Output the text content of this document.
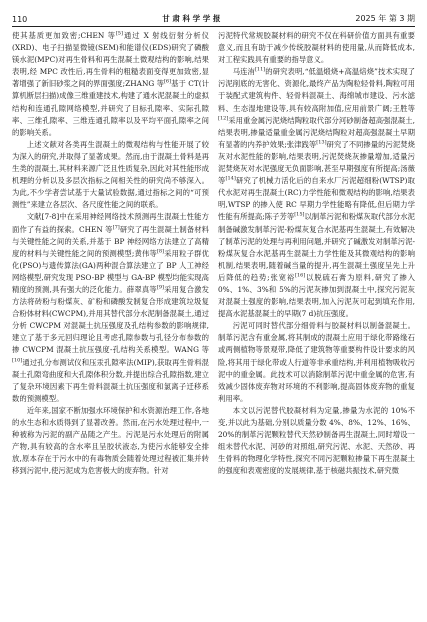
110	甘 肃 科 学 学 报	2025 年 第 3 期

使其基质更加致密;CHEN 等[5]通过 X 射线衍射分析仪(XRD)、电子扫描显微镜(SEM)和能谱仪(EDS)研究了磷酸镁水泥(MPC)对再生骨料和再生混凝土微观结构的影响,结果表明,经 MPC 改性后,再生骨料的粗糙表面变得更加致密,显著增强了新旧砂浆之间的界面强度;ZHANG 等[6]基于 CT(计算机断层扫描)成像三维重建技术,构建了通水泥混凝土的虚拟结构和连通孔隙网络模型,并研究了目标孔隙率、实际孔隙率、三维孔隙率、三维连通孔隙率以及平均平面孔隙率之间的影响关系。

上述文献对各类再生混凝土的微观结构与性能开展了较为深入的研究,并取得了显著成果。然而,由于混凝土骨料是再生类的混凝土,其材料来源广泛且性质复杂,因此对其性能形成机理的分析以及多层次指标之间相关性的研究尚不够深入。为此,不少学者尝试基于大量试验数据,通过指标之间的“可预测性”来建立各层次、各尺度性能之间的联系。

文献[7-8]中在采用神经网络技术预测再生混凝土性能方面作了有益的探索。CHEN 等[7]研究了再生混凝土制备材料与关键性能之间的关系,并基于 BP 神经网络方法建立了高精度的材料与关键性能之间的预测模型;黄伟等[8]采用粒子群优化(PSO)与遗传算法(GA)两种混合算法建立了 BP 人工神经网络模型,研究发现 PSO-BP 模型与 GA-BP 模型均能实现高精度的预测,具有强大的泛化能力。薛翠真等[9]采用复合激发方法将砖粉与粉煤灰、矿粉和磷酸发制复合形成建筑垃圾复合粉体材料(CWCPM),并用其替代部分水泥制备混凝土,通过分析 CWCPM 对混凝土抗压强度及孔结构参数的影响规律,建立了基于多元回归理论且考虑孔隙参数与孔径分布参数的掺 CWCPM 混凝土抗压强度-孔结构关系模型。WANG 等[10]通过孔分布测试仪和压汞孔隙率法(MIP),获取再生骨料混凝土孔隙弯曲度和大孔隙体积分数,并提出综合孔隙指数,建立了复杂环境因素下再生骨料混凝土抗压强度和氯离子迁移系数的预测模型。

近年来,国家不断加强水环境保护和水资源治理工作,各地的水生态和水质得到了显著改善。然而,在污水处理过程中,一种被称为污泥的副产品随之产生。污泥是污水处理后的附属产物,具有较高的含水率且呈胶状液态,为使污水能够安全排放,原本存在于污水中的有毒物质会随着处理过程被汇集并转移到污泥中,使污泥成为危害极大的废弃物。针对

污泥特代常规胶凝材料的研究不仅在科研价值方面具有重要意义,而且有助于减少传统胶凝材料的使用量,从而降低成本,对工程实践具有重要的指导意义。

马连洧[11]的研究表明,“低温煅烧+高温焙烧”技术实现了污泥削底的无害化、资源化,最终产品为陶粒轻骨料,陶粒可用于装配式建筑构件、轻骨料混凝土、海绵城市建设、污水滤料、生态湿地建设等,具有较高附加值,应用前景广阔;王胜等[12]采用重金属污泥烧结陶粒取代部分河砂制备超高强混凝土,结果表明,掺量适量重金属污泥烧结陶粒对超高强混凝土早期有显著的内养护效果;张津践等[13]研究了不同掺量的污泥焚烧灰对水泥性能的影响,结果表明,污泥焚烧灰掺量增加,适量污泥焚烧灰对水泥强度无负面影响,甚至早期强度有所提高;汤薇等[14]研究了机械力活化后的自来水厂污泥超细粉(WTSP)取代水泥对再生混凝土(RC)力学性能和微观结构的影响,结果表明,WTSP 的掺入使 RC 早期力学性能略有降低,但后期力学性能有所提高;陈子芳等[15]以制革污泥和粉煤灰取代部分水泥制备碱激发制革污泥-粉煤灰复合水泥基再生混凝土,有效解决了制革污泥的处理与再利用问题,并研究了碱激发对制革污泥-粉煤灰复合水泥基再生混凝土力学性能及其微观结构的影响机制,结果表明,随着碱当量的提升,再生混凝土强度呈先上升后降低的趋势;张宽裕[16]以脱硫石膏为原料,研究了掺入 0%、1%、3%和 5%的污泥灰掺加到混凝土中,探究污泥灰对混凝土强度的影响,结果表明,加入污泥灰可起到填充作用,提高水泥基混凝土的早期(7 d)抗压强度。

污泥可同时替代部分细骨料与胶凝材料以制备混凝土。制革污泥含有重金属,将其制成的混凝土应用于绿化带路缘石或两侧植物等景观带,降低了建筑物等重要构件设计要求的风险,将其用于绿化带或人行道等非承重结构,并利用植物吸收污泥中的重金属。此技术可以消除制革污泥中重金属的危害,有效减少固体废弃物对环境的不利影响,提高固体废弃物的重复利用率。

本文以污泥替代胶凝材料为定量,掺量为水泥的 10%不变,并以此为基础,分别以质量分数 4%、8%、12%、16%、20%的制革污泥颗粒替代天然砂制备再生混凝土,同时增设一组未替代水泥、河砂的对照组,研究污泥、水泥、天然砂、再生骨料的物理化学特性,探究不同污泥颗粒掺量下再生混凝土的强度和表观密度的发展规律,基于核磁共振技术,研究微
